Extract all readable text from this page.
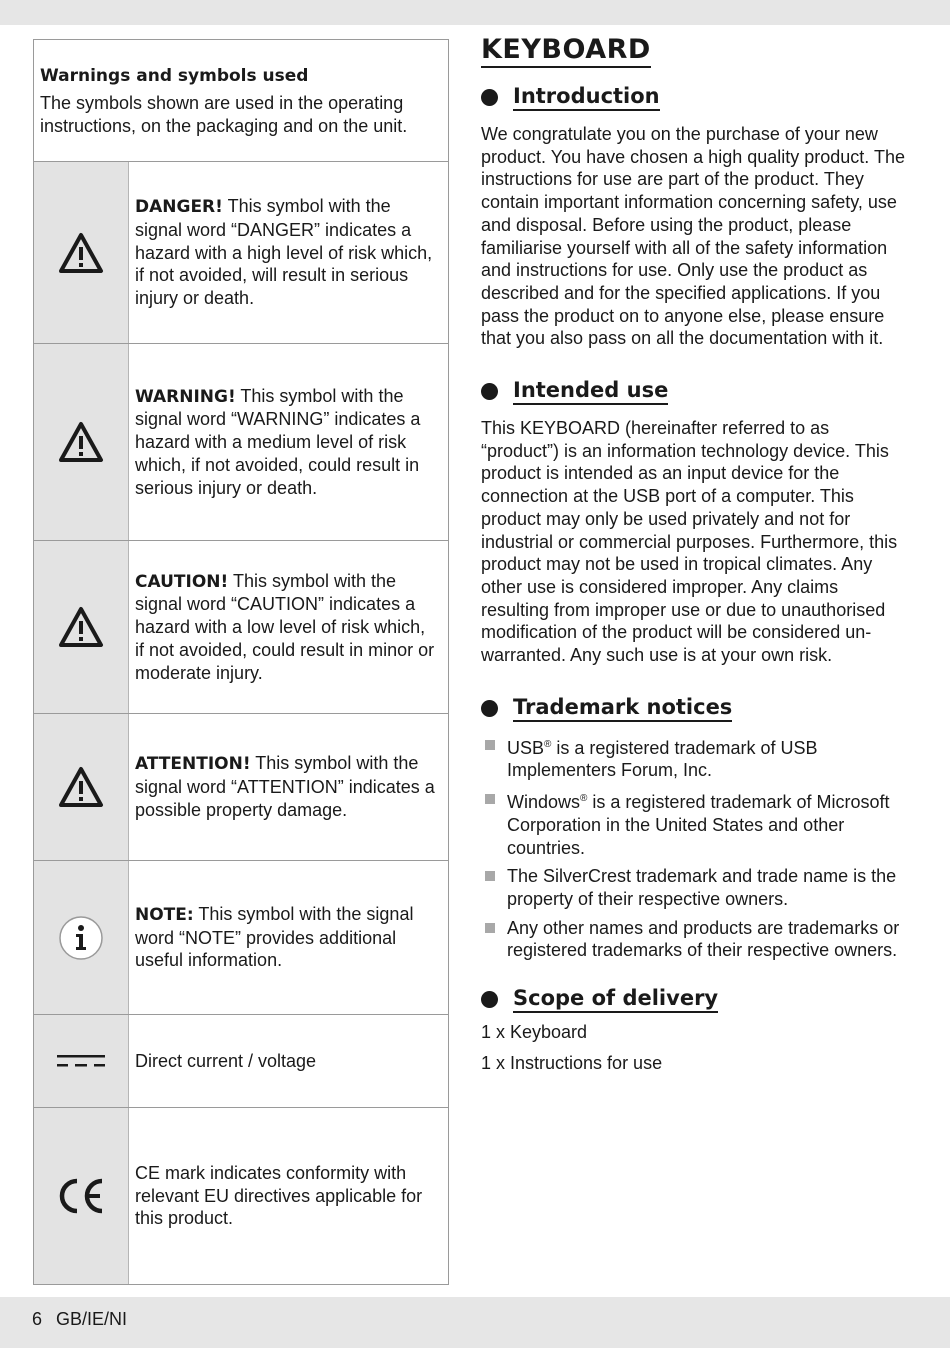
Warnings and symbols used

The symbols shown are used in the operating instructions, on the packaging and on the unit.

DANGER! This symbol with the signal word “DANGER” indicates a hazard with a high level of risk which, if not avoided, will result in serious injury or death.

WARNING! This symbol with the signal word “WARNING” indicates a hazard with a medium level of risk which, if not avoided, could result in serious injury or death.

CAUTION! This symbol with the signal word “CAUTION” indicates a hazard with a low level of risk which, if not avoided, could result in minor or moderate injury.

ATTENTION! This symbol with the signal word “ATTENTION” indicates a possible property damage.

NOTE: This symbol with the signal word “NOTE” provides additional useful information.

Direct current / voltage

CE mark indicates conformity with relevant EU directives applicable for this product.

KEYBOARD
Introduction

We congratulate you on the purchase of your new product. You have chosen a high quality product. The instructions for use are part of the product. They contain important information concerning safety, use and disposal. Before using the product, please familiarise yourself with all of the safety information and instructions for use. Only use the product as described and for the specified applications. If you pass the product on to anyone else, please ensure that you also pass on all the documentation with it.

Intended use

This KEYBOARD (hereinafter referred to as “product”) is an information technology device. This product is intended as an input device for the connection at the USB port of a computer. This product may only be used privately and not for industrial or commercial purposes. Furthermore, this product may not be used in tropical climates. Any other use is considered improper. Any claims resulting from improper use or due to unauthorised modification of the product will be considered un-warranted. Any such use is at your own risk.

Trademark notices
USB® is a registered trademark of USB Implementers Forum, Inc.
Windows® is a registered trademark of Microsoft Corporation in the United States and other countries.
The SilverCrest trademark and trade name is the property of their respective owners.
Any other names and products are trademarks or registered trademarks of their respective owners.
Scope of delivery

1 x Keyboard

1 x Instructions for use

6 GB/IE/NI
